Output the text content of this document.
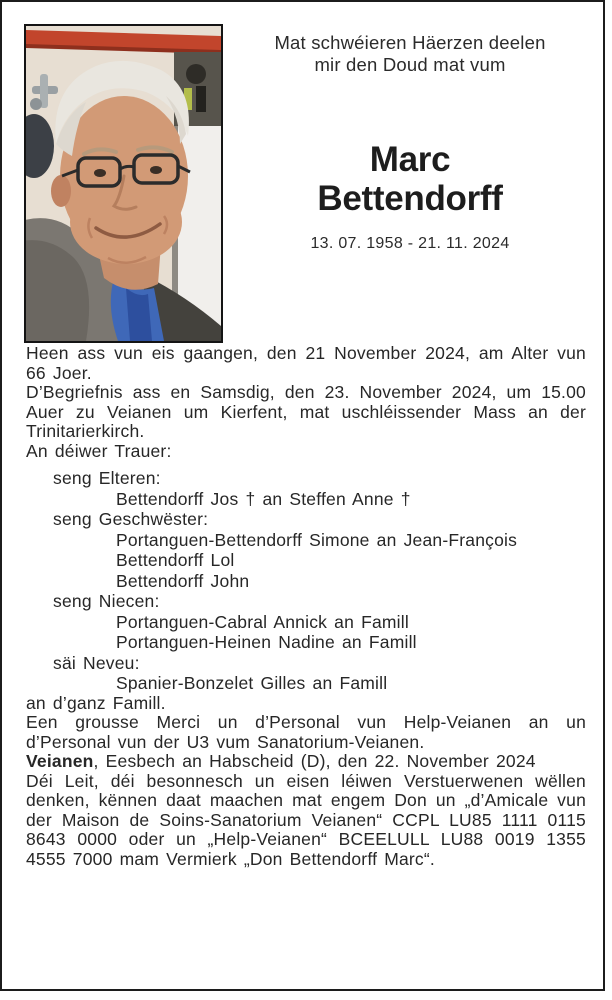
Mat schwéieren Häerzen deelen
mir den Doud mat vum
Marc
Bettendorff
13. 07. 1958 - 21. 11. 2024

Heen ass vun eis gaangen, den 21 November 2024, am Alter vun 66 Joer.

D’Begriefnis ass en Samsdig, den 23. November 2024, um 15.00 Auer zu Veianen um Kierfent, mat uschléissender Mass an der Trinitarierkirch.

An déiwer Trauer:

seng Elteren:
Bettendorff Jos † an Steffen Anne †
seng Geschwëster:
Portanguen-Bettendorff Simone an Jean-François
Bettendorff Lol
Bettendorff John
seng Niecen:
Portanguen-Cabral Annick an Famill
Portanguen-Heinen Nadine an Famill
säi Neveu:
Spanier-Bonzelet Gilles an Famill

an d’ganz Famill.

Een grousse Merci un d’Personal vun Help-Veianen an un d’Personal vun der U3 vum Sanatorium-Veianen.

Veianen, Eesbech an Habscheid (D), den 22. November 2024

Déi Leit, déi besonnesch un eisen léiwen Verstuerwenen wëllen denken, kënnen daat maachen mat engem Don un „d’Amicale vun der Maison de Soins-Sanatorium Veianen“ CCPL LU85 1111 0115 8643 0000 oder un „Help-Veianen“ BCEELULL LU88 0019 1355 4555 7000 mam Vermierk „Don Bettendorff Marc“.
